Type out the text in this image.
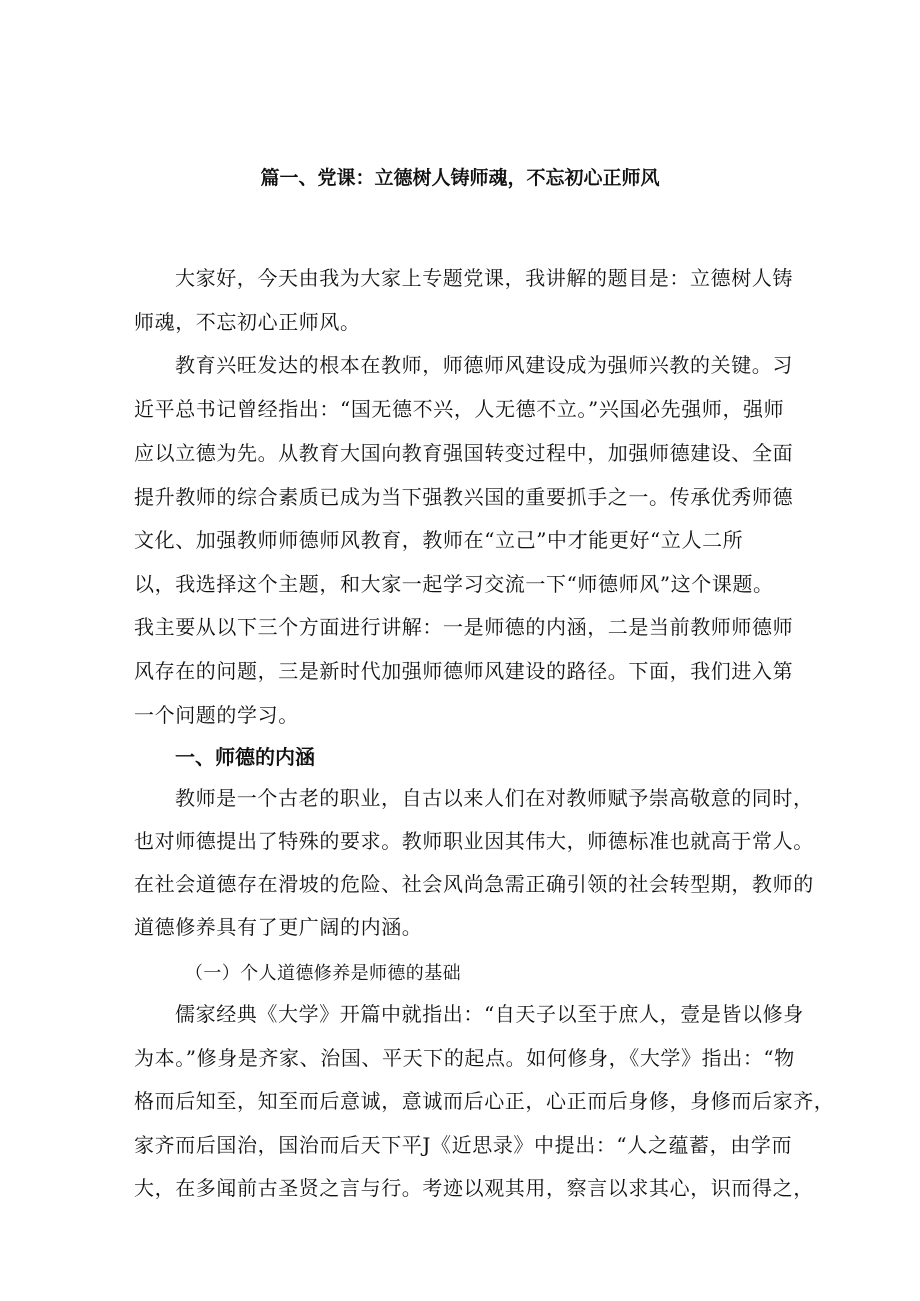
篇一、党课：立德树人铸师魂，不忘初心正师风
大家好，今天由我为大家上专题党课，我讲解的题目是：立德树人铸
师魂，不忘初心正师风。
教育兴旺发达的根本在教师，师德师风建设成为强师兴教的关键。习
近平总书记曾经指出：“国无德不兴，人无德不立。”兴国必先强师，强师
应以立德为先。从教育大国向教育强国转变过程中，加强师德建设、全面
提升教师的综合素质已成为当下强教兴国的重要抓手之一。传承优秀师德
文化、加强教师师德师风教育，教师在“立己”中才能更好“立人二所
以，我选择这个主题，和大家一起学习交流一下“师德师风”这个课题。
我主要从以下三个方面进行讲解：一是师德的内涵，二是当前教师师德师
风存在的问题，三是新时代加强师德师风建设的路径。下面，我们进入第
一个问题的学习。
一、师德的内涵
教师是一个古老的职业，自古以来人们在对教师赋予崇高敬意的同时，
也对师德提出了特殊的要求。教师职业因其伟大，师德标准也就高于常人。
在社会道德存在滑坡的危险、社会风尚急需正确引领的社会转型期，教师的
道德修养具有了更广阔的内涵。
（一）个人道德修养是师德的基础
儒家经典《大学》开篇中就指出：“自天子以至于庶人，壹是皆以修身
为本。”修身是齐家、治国、平天下的起点。如何修身，《大学》指出：“物
格而后知至，知至而后意诚，意诚而后心正，心正而后身修，身修而后家齐，
家齐而后国治，国治而后天下平J《近思录》中提出：“人之蕴蓄，由学而
大，在多闻前古圣贤之言与行。考迹以观其用，察言以求其心，识而得之，
